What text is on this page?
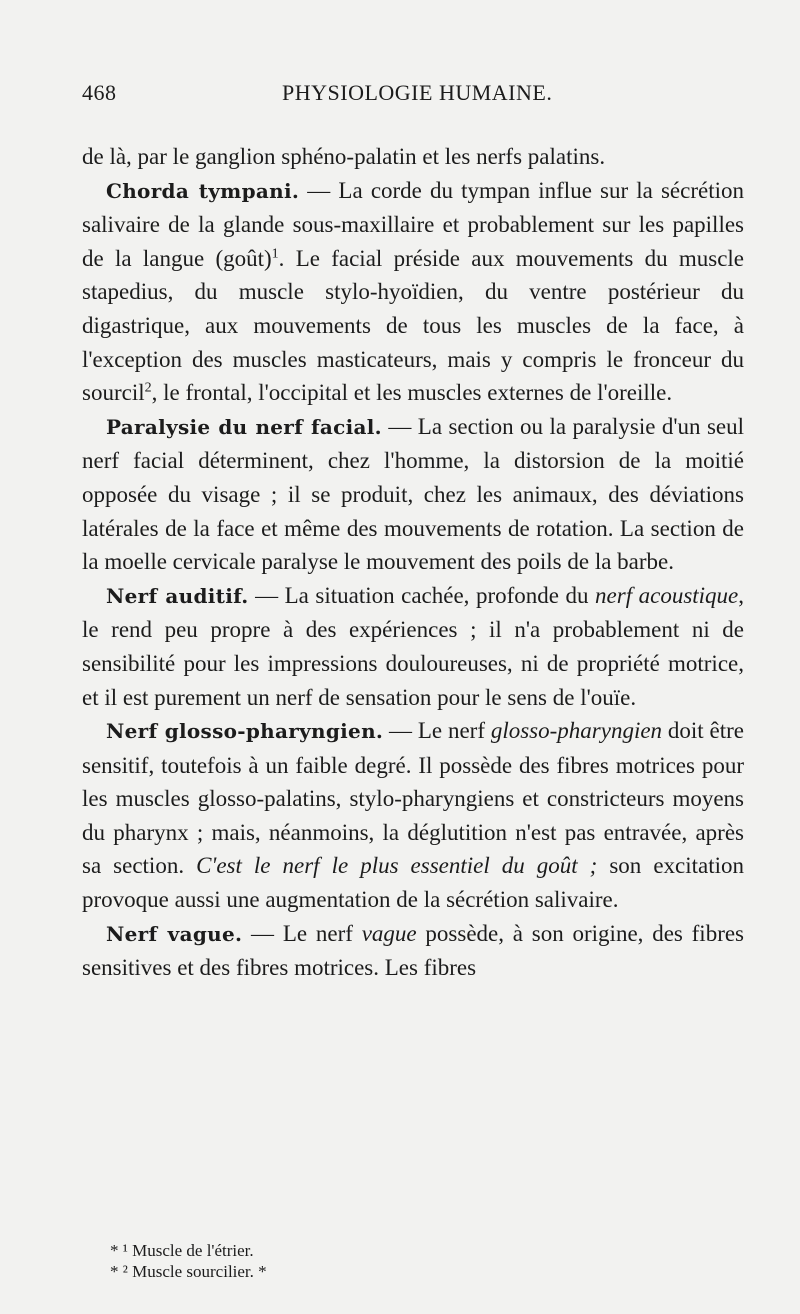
468	PHYSIOLOGIE HUMAINE.

de là, par le ganglion sphéno-palatin et les nerfs palatins.

Chorda tympani. — La corde du tympan influe sur la sécrétion salivaire de la glande sous-maxillaire et probablement sur les papilles de la langue (goût)$^1$. Le facial préside aux mouvements du muscle stapedius, du muscle stylo-hyoïdien, du ventre postérieur du digastrique, aux mouvements de tous les muscles de la face, à l'exception des muscles masticateurs, mais y compris le fronceur du sourcil$^2$, le frontal, l'occipital et les muscles externes de l'oreille.

Paralysie du nerf facial. — La section ou la paralysie d'un seul nerf facial déterminent, chez l'homme, la distorsion de la moitié opposée du visage ; il se produit, chez les animaux, des déviations latérales de la face et même des mouvements de rotation. La section de la moelle cervicale paralyse le mouvement des poils de la barbe.

Nerf auditif. — La situation cachée, profonde du nerf acoustique, le rend peu propre à des expériences ; il n'a probablement ni de sensibilité pour les impressions douloureuses, ni de propriété motrice, et il est purement un nerf de sensation pour le sens de l'ouïe.

Nerf glosso-pharyngien. — Le nerf glosso-pharyngien doit être sensitif, toutefois à un faible degré. Il possède des fibres motrices pour les muscles glosso-palatins, stylo-pharyngiens et constricteurs moyens du pharynx ; mais, néanmoins, la déglutition n'est pas entravée, après sa section. C'est le nerf le plus essentiel du goût ; son excitation provoque aussi une augmentation de la sécrétion salivaire.

Nerf vague. — Le nerf vague possède, à son origine, des fibres sensitives et des fibres motrices. Les fibres

* ¹ Muscle de l'étrier.
* ² Muscle sourcilier. *
